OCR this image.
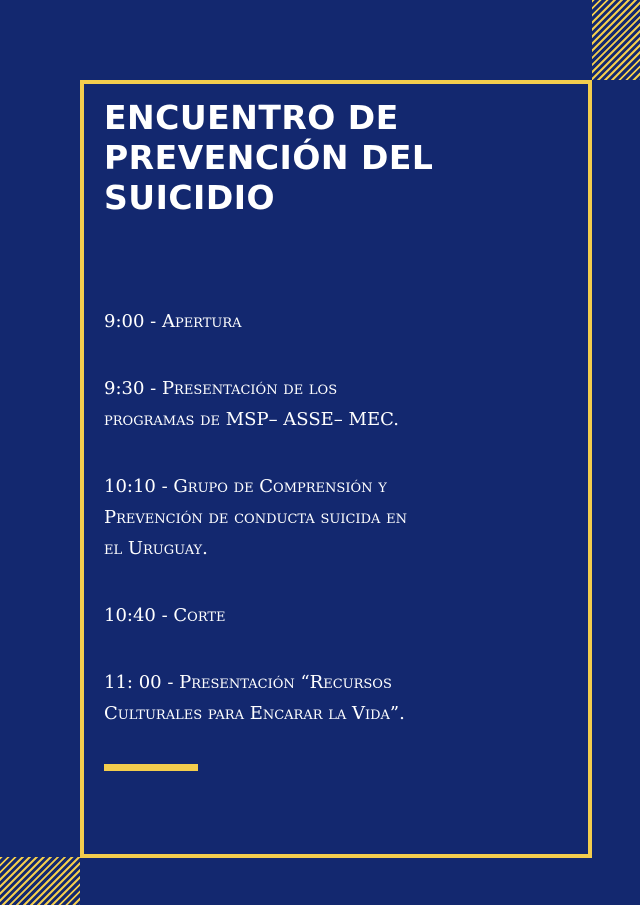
ENCUENTRO DE
PREVENCIÓN DEL
SUICIDIO
9:00 - Apertura
9:30 - Presentación de los
programas de MSP– ASSE– MEC.
10:10 - Grupo de Comprensión y
Prevención de conducta suicida en
el Uruguay.
10:40 - Corte
11: 00 - Presentación “Recursos
Culturales para Encarar la Vida”.
